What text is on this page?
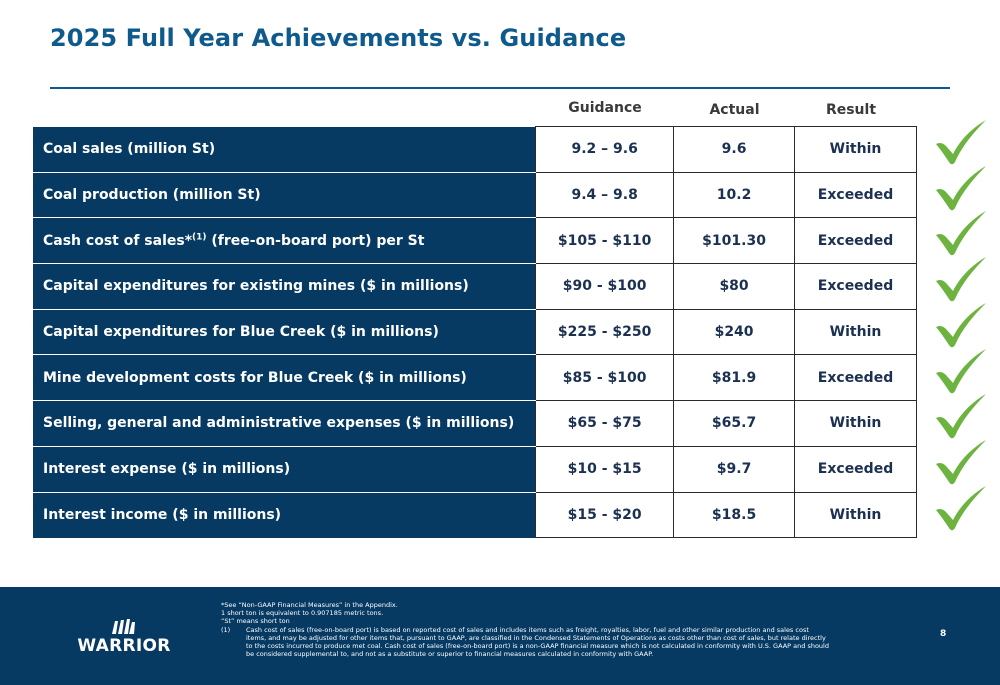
2025 Full Year Achievements vs. Guidance
Guidance	Actual	Result
Coal sales (million St)	9.2 – 9.6	9.6	Within
Coal production (million St)	9.4 – 9.8	10.2	Exceeded
Cash cost of sales*$^{(1)}$ (free-on-board port) per St	$105 - $110	$101.30	Exceeded
Capital expenditures for existing mines ($ in millions)	$90 - $100	$80	Exceeded
Capital expenditures for Blue Creek ($ in millions)	$225 - $250	$240	Within
Mine development costs for Blue Creek ($ in millions)	$85 - $100	$81.9	Exceeded
Selling, general and administrative expenses ($ in millions)	$65 - $75	$65.7	Within
Interest expense ($ in millions)	$10 - $15	$9.7	Exceeded
Interest income ($ in millions)	$15 - $20	$18.5	Within
WARRIOR
*See “Non-GAAP Financial Measures” in the Appendix.
1 short ton is equivalent to 0.907185 metric tons.
“St” means short ton
(1)	Cash cost of sales (free-on-board port) is based on reported cost of sales and includes items such as freight, royalties, labor, fuel and other similar production and sales cost items, and may be adjusted for other items that, pursuant to GAAP, are classified in the Condensed Statements of Operations as costs other than cost of sales, but relate directly to the costs incurred to produce met coal. Cash cost of sales (free-on-board port) is a non-GAAP financial measure which is not calculated in conformity with U.S. GAAP and should be considered supplemental to, and not as a substitute or superior to financial measures calculated in conformity with GAAP.
8
